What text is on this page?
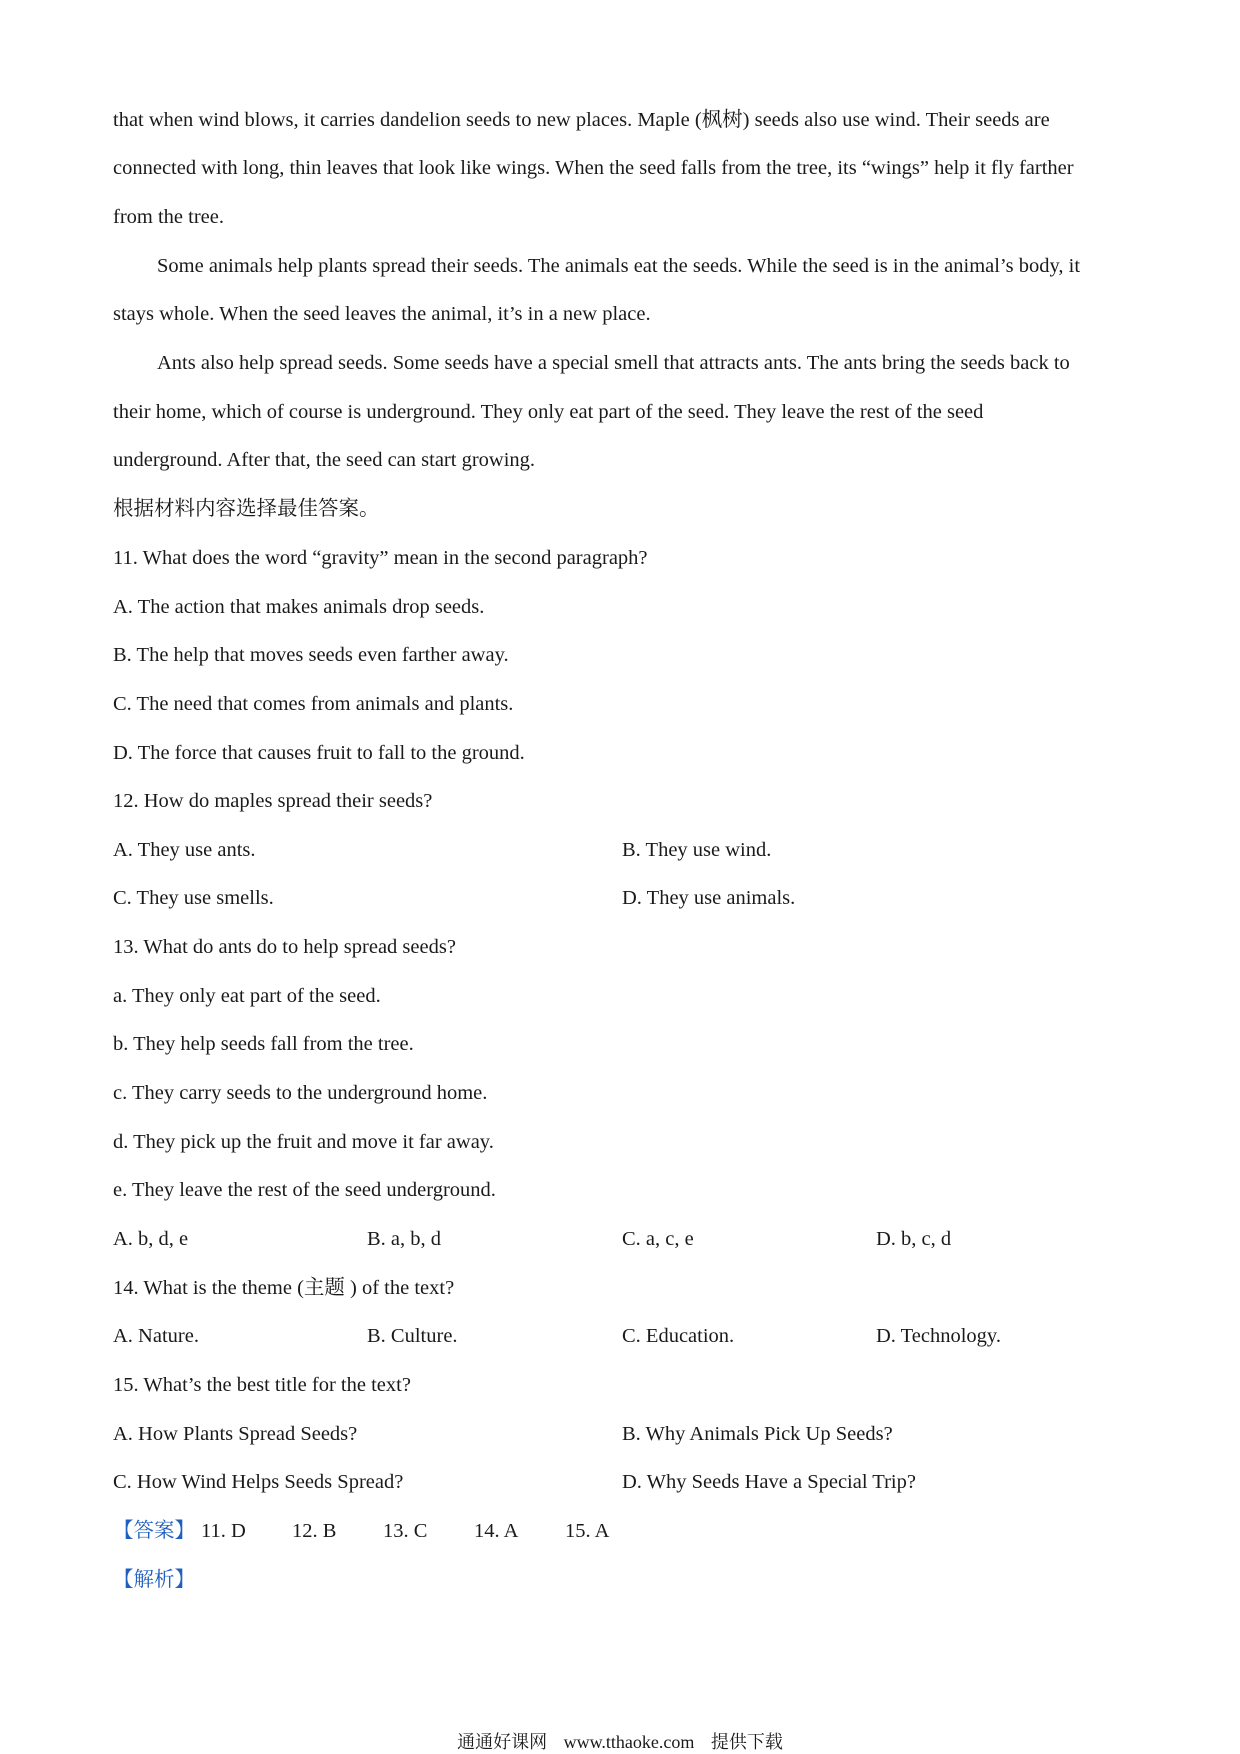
that when wind blows, it carries dandelion seeds to new places. Maple (枫树) seeds also use wind. Their seeds are
connected with long, thin leaves that look like wings. When the seed falls from the tree, its “wings” help it fly farther
from the tree.
Some animals help plants spread their seeds. The animals eat the seeds. While the seed is in the animal’s body, it
stays whole. When the seed leaves the animal, it’s in a new place.
Ants also help spread seeds. Some seeds have a special smell that attracts ants. The ants bring the seeds back to
their home, which of course is underground. They only eat part of the seed. They leave the rest of the seed
underground. After that, the seed can start growing.
根据材料内容选择最佳答案。
11. What does the word “gravity” mean in the second paragraph?
A. The action that makes animals drop seeds.
B. The help that moves seeds even farther away.
C. The need that comes from animals and plants.
D. The force that causes fruit to fall to the ground.
12. How do maples spread their seeds?
A. They use ants.	B. They use wind.
C. They use smells.	D. They use animals.
13. What do ants do to help spread seeds?
a. They only eat part of the seed.
b. They help seeds fall from the tree.
c. They carry seeds to the underground home.
d. They pick up the fruit and move it far away.
e. They leave the rest of the seed underground.
A. b, d, e	B. a, b, d	C. a, c, e	D. b, c, d
14. What is the theme (主题 ) of the text?
A. Nature.	B. Culture.	C. Education.	D. Technology.
15. What’s the best title for the text?
A. How Plants Spread Seeds?	B. Why Animals Pick Up Seeds?
C. How Wind Helps Seeds Spread?	D. Why Seeds Have a Special Trip?
【答案】 11. D 12. B 13. C 14. A 15. A
【解析】
通通好课网 www.tthaoke.com 提供下载
